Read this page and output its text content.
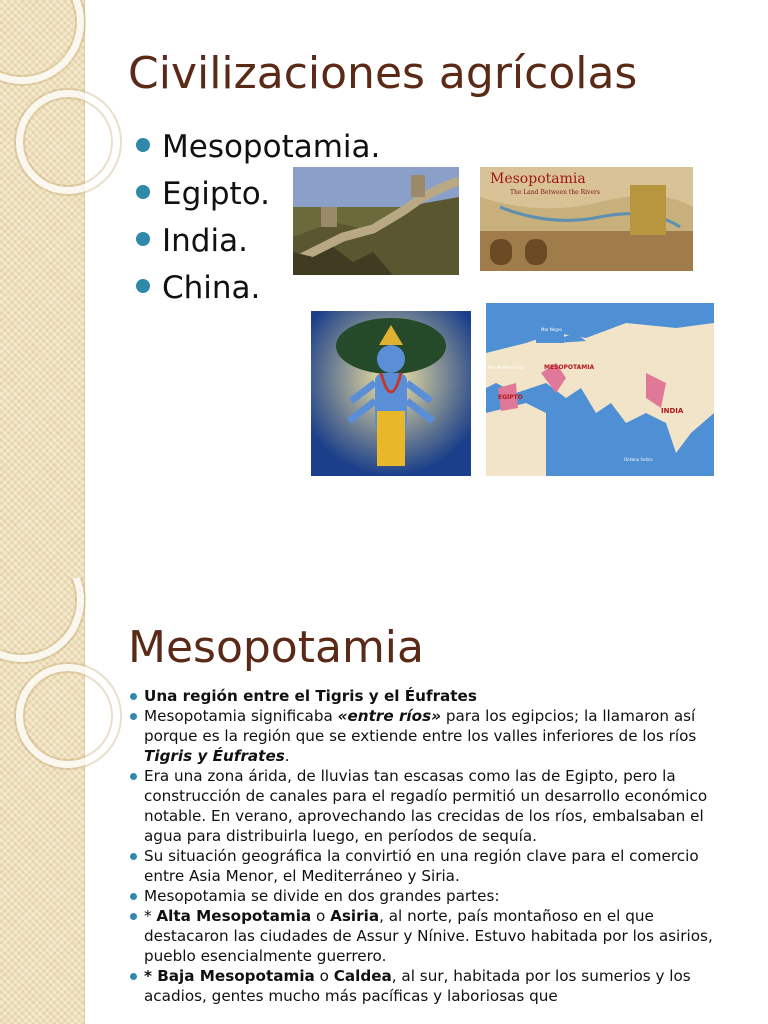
Civilizaciones agrícolas
Mesopotamia.
Egipto.
India.
China.
Mesopotamia
The Land Between the Rivers
MESOPOTAMIA
EGIPTO
INDIA
Mar Mediterráneo
Mar Negro
Océano Índico
Mesopotamia
Una región entre el Tigris y el Éufrates
Mesopotamia significaba «entre ríos» para los egipcios; la llamaron así porque es la región que se extiende entre los valles inferiores de los ríos Tigris y Éufrates.
Era una zona árida, de lluvias tan escasas como las de Egipto, pero la construcción de canales para el regadío permitió un desarrollo económico notable. En verano, aprovechando las crecidas de los ríos, embalsaban el agua para distribuirla luego, en períodos de sequía.
Su situación geográfica la convirtió en una región clave para el comercio entre Asia Menor, el Mediterráneo y Siria.
Mesopotamia se divide en dos grandes partes:
* Alta Mesopotamia o Asiria, al norte, país montañoso en el que destacaron las ciudades de Assur y Nínive. Estuvo habitada por los asirios, pueblo esencialmente guerrero.
* Baja Mesopotamia o Caldea, al sur, habitada por los sumerios y los acadios, gentes mucho más pacíficas y laboriosas que
